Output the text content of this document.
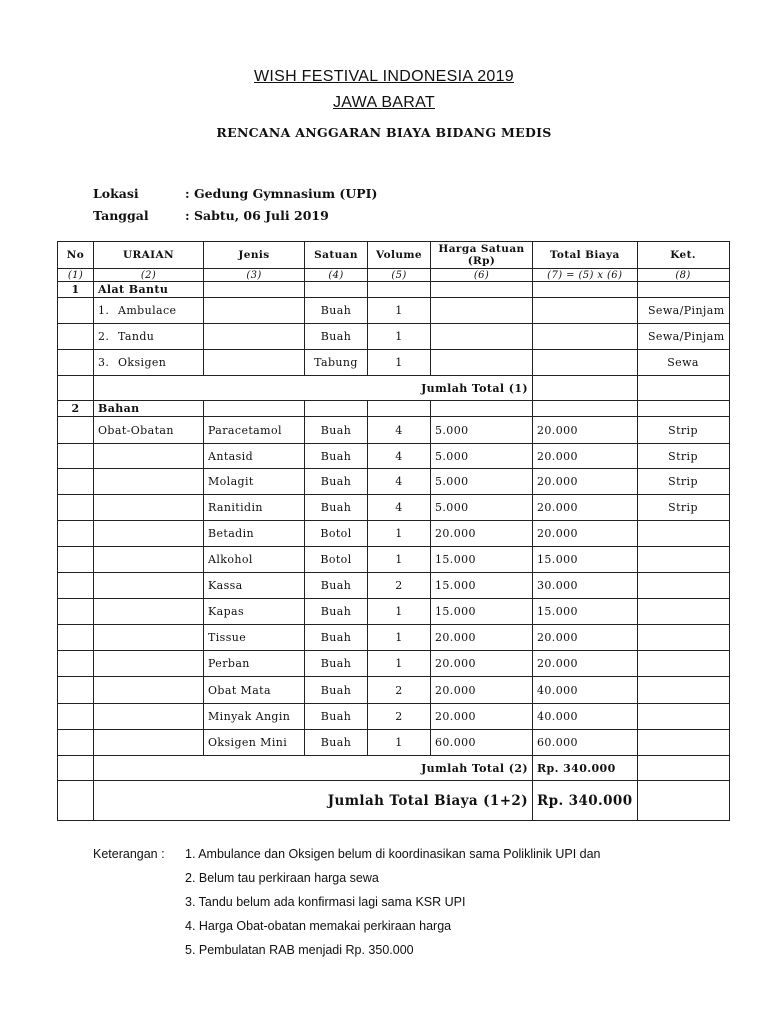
WISH FESTIVAL INDONESIA 2019
JAWA BARAT
RENCANA ANGGARAN BIAYA BIDANG MEDIS
Lokasi	: Gedung Gymnasium (UPI)
Tanggal	: Sabtu, 06 Juli 2019
No	URAIAN	Jenis	Satuan	Volume	Harga Satuan (Rp)	Total Biaya	Ket.
(1)	(2)	(3)	(4)	(5)	(6)	(7) = (5) x (6)	(8)
1	Alat Bantu						
	1. Ambulace		Buah	1			Sewa/Pinjam
	2. Tandu		Buah	1			Sewa/Pinjam
	3. Oksigen		Tabung	1			Sewa
	Jumlah Total (1)						
2	Bahan						
	Obat-Obatan	Paracetamol	Buah	4	5.000	20.000	Strip
		Antasid	Buah	4	5.000	20.000	Strip
		Molagit	Buah	4	5.000	20.000	Strip
		Ranitidin	Buah	4	5.000	20.000	Strip
		Betadin	Botol	1	20.000	20.000	
		Alkohol	Botol	1	15.000	15.000	
		Kassa	Buah	2	15.000	30.000	
		Kapas	Buah	1	15.000	15.000	
		Tissue	Buah	1	20.000	20.000	
		Perban	Buah	1	20.000	20.000	
		Obat Mata	Buah	2	20.000	40.000	
		Minyak Angin	Buah	2	20.000	40.000	
		Oksigen Mini	Buah	1	60.000	60.000	
	Jumlah Total (2)					Rp. 340.000	
	Jumlah Total Biaya (1+2)					Rp. 340.000	
Keterangan : 1. Ambulance dan Oksigen belum di koordinasikan sama Poliklinik UPI dan
2. Belum tau perkiraan harga sewa
3. Tandu belum ada konfirmasi lagi sama KSR UPI
4. Harga Obat-obatan memakai perkiraan harga
5. Pembulatan RAB menjadi Rp. 350.000
